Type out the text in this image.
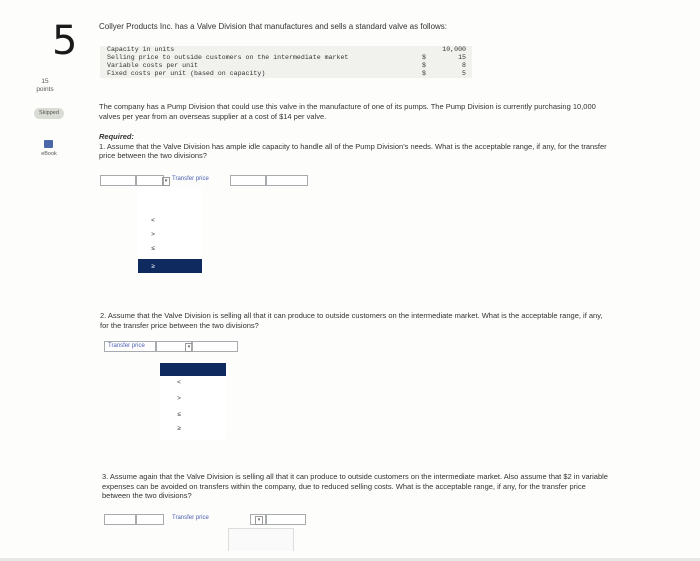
5
15
points
Skipped
eBook
Collyer Products Inc. has a Valve Division that manufactures and sells a standard valve as follows:
Capacity in units	10,000
Selling price to outside customers on the intermediate market	$	15
Variable costs per unit	$	8
Fixed costs per unit (based on capacity)	$	5
The company has a Pump Division that could use this valve in the manufacture of one of its pumps. The Pump Division is currently purchasing 10,000 valves per year from an overseas supplier at a cost of $14 per valve.
Required:
1. Assume that the Valve Division has ample idle capacity to handle all of the Pump Division's needs. What is the acceptable range, if any, for the transfer price between the two divisions?
▾ Transfer price
<
>
≤
≥
2. Assume that the Valve Division is selling all that it can produce to outside customers on the intermediate market. What is the acceptable range, if any, for the transfer price between the two divisions?
Transfer price	▾
<
>
≤
≥
3. Assume again that the Valve Division is selling all that it can produce to outside customers on the intermediate market. Also assume that $2 in variable expenses can be avoided on transfers within the company, due to reduced selling costs. What is the acceptable range, if any, for the transfer price between the two divisions?
Transfer price	▾
